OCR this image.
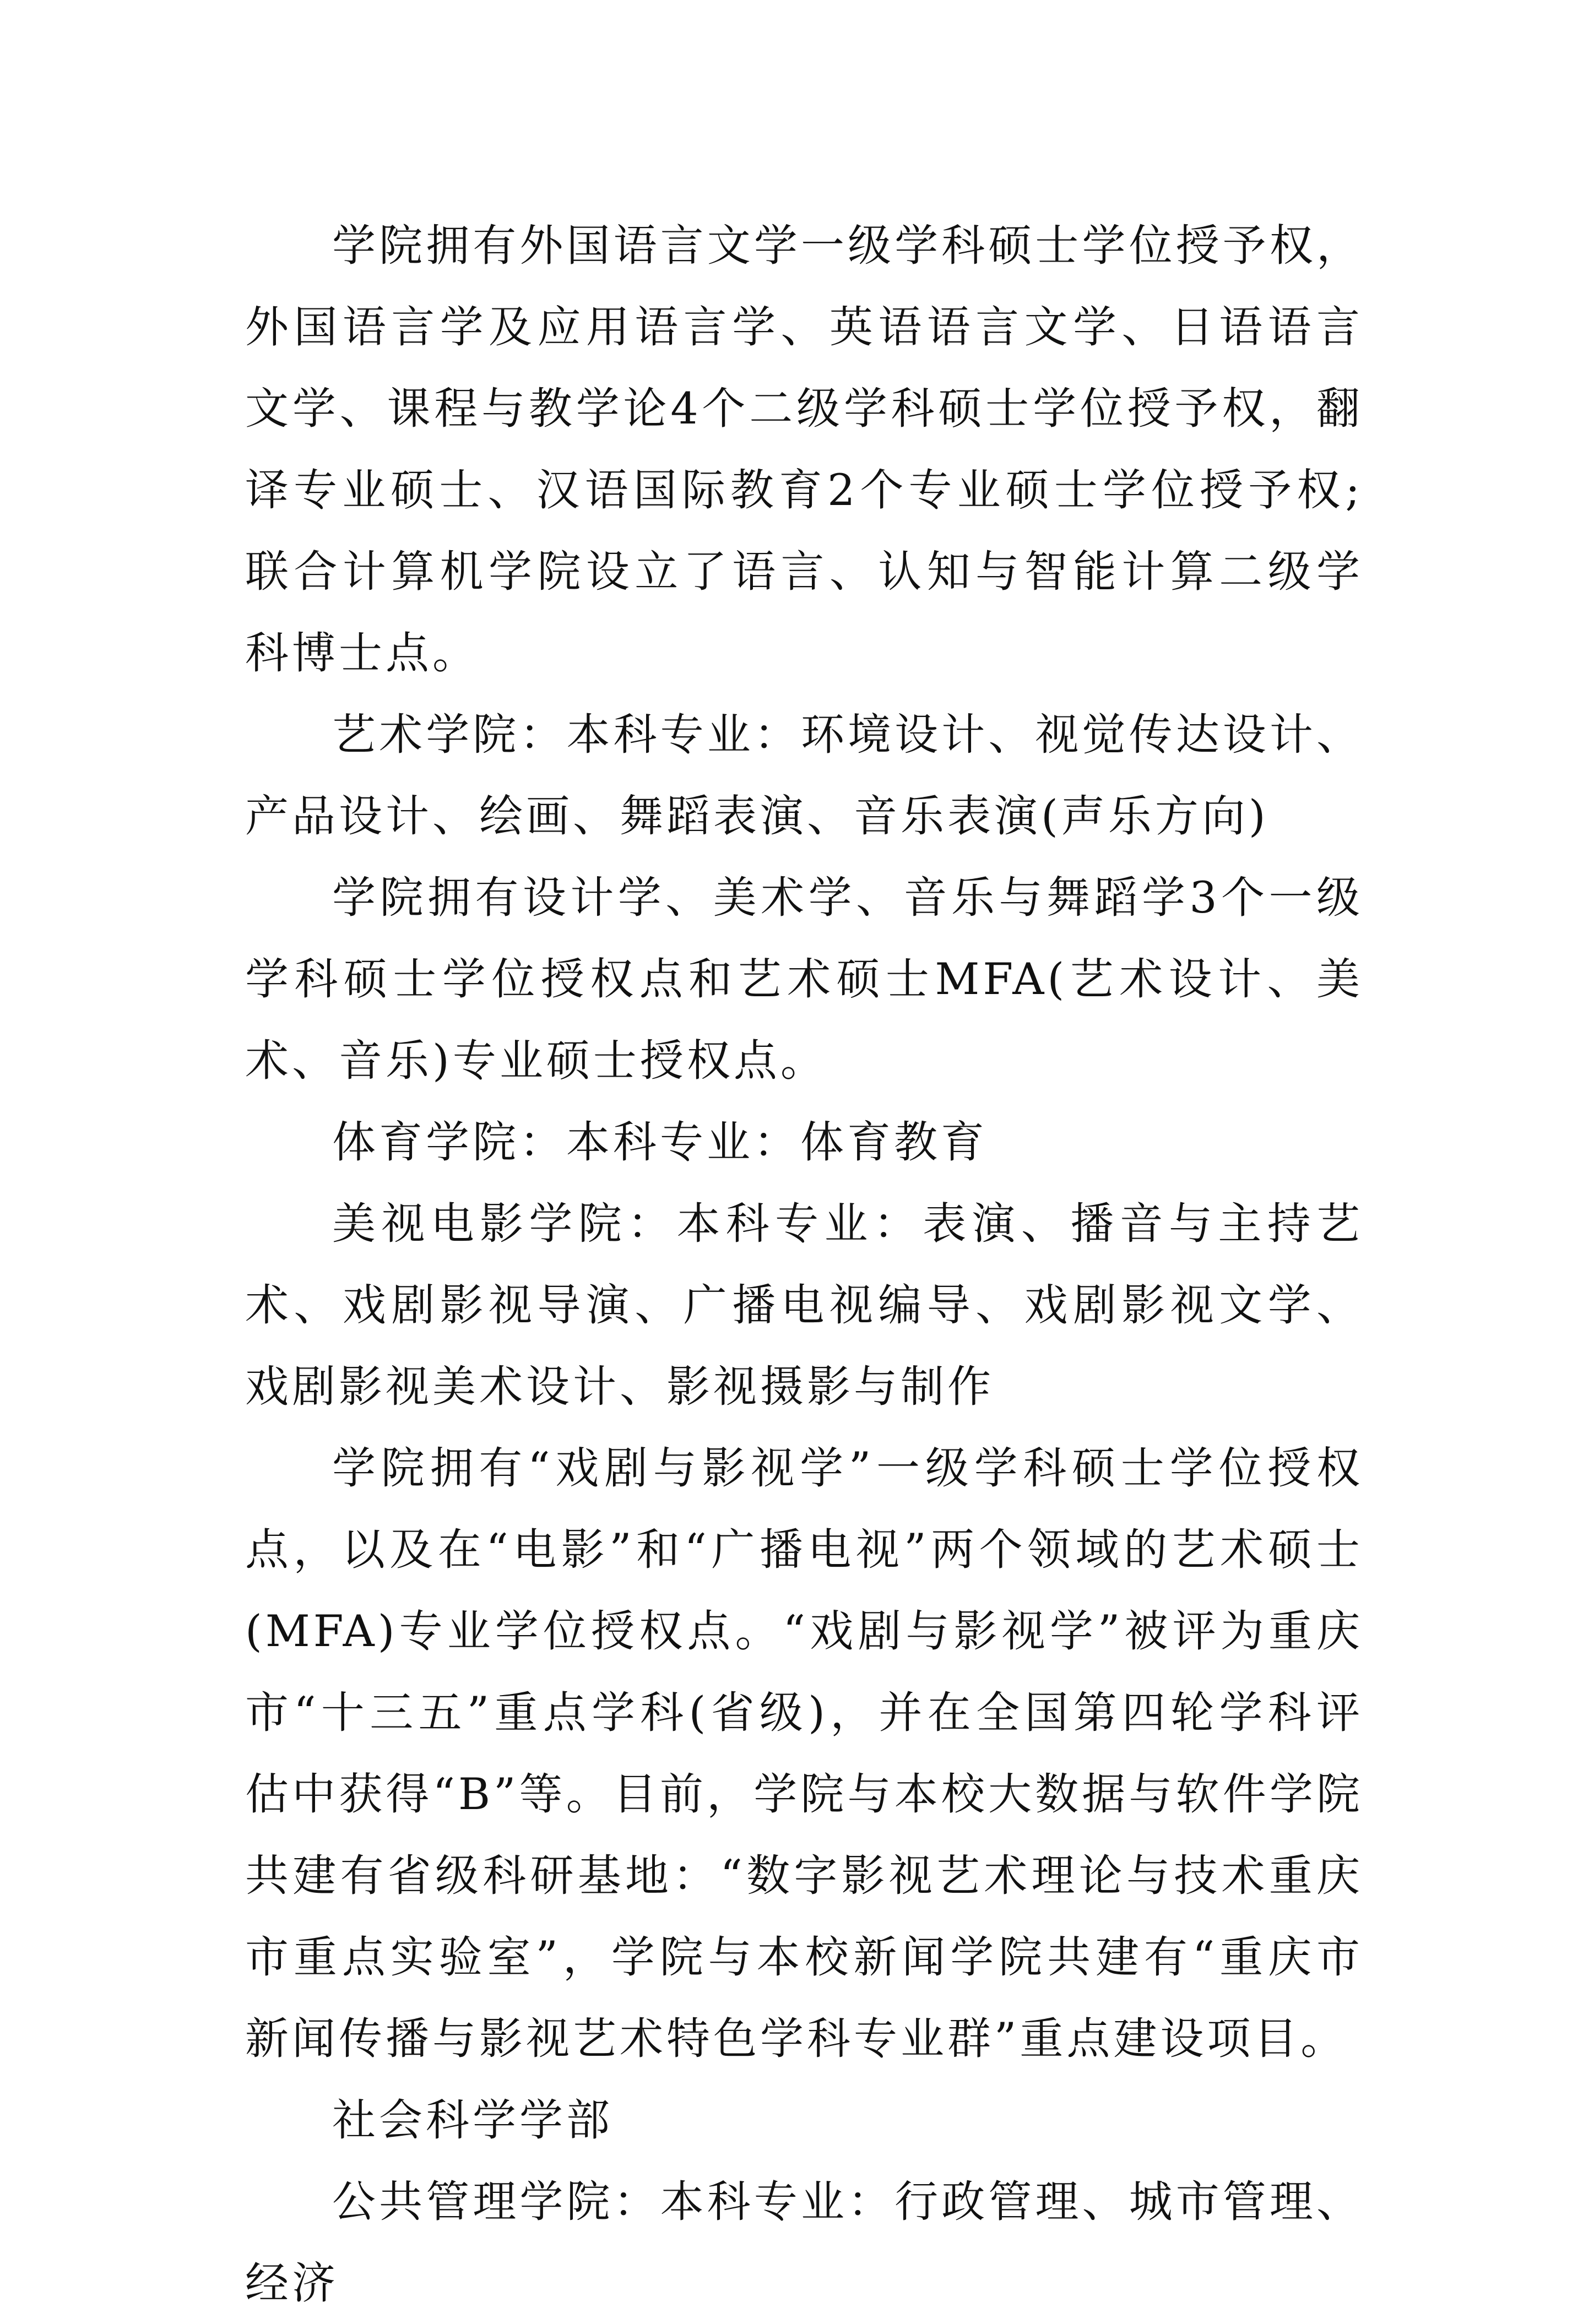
学院拥有外国语言文学一级学科硕士学位授予权，外国语言学及应用语言学、英语语言文学、日语语言文学、课程与教学论4个二级学科硕士学位授予权，翻译专业硕士、汉语国际教育2个专业硕士学位授予权;联合计算机学院设立了语言、认知与智能计算二级学科博士点。

艺术学院：本科专业：环境设计、视觉传达设计、产品设计、绘画、舞蹈表演、音乐表演(声乐方向)

学院拥有设计学、美术学、音乐与舞蹈学3个一级学科硕士学位授权点和艺术硕士MFA(艺术设计、美术、音乐)专业硕士授权点。

体育学院：本科专业：体育教育

美视电影学院：本科专业：表演、播音与主持艺术、戏剧影视导演、广播电视编导、戏剧影视文学、戏剧影视美术设计、影视摄影与制作

学院拥有“戏剧与影视学”一级学科硕士学位授权点，以及在“电影”和“广播电视”两个领域的艺术硕士(MFA)专业学位授权点。“戏剧与影视学”被评为重庆市“十三五”重点学科(省级)，并在全国第四轮学科评估中获得“B”等。目前，学院与本校大数据与软件学院共建有省级科研基地：“数字影视艺术理论与技术重庆市重点实验室”，学院与本校新闻学院共建有“重庆市新闻传播与影视艺术特色学科专业群”重点建设项目。

社会科学学部

公共管理学院：本科专业：行政管理、城市管理、经济
